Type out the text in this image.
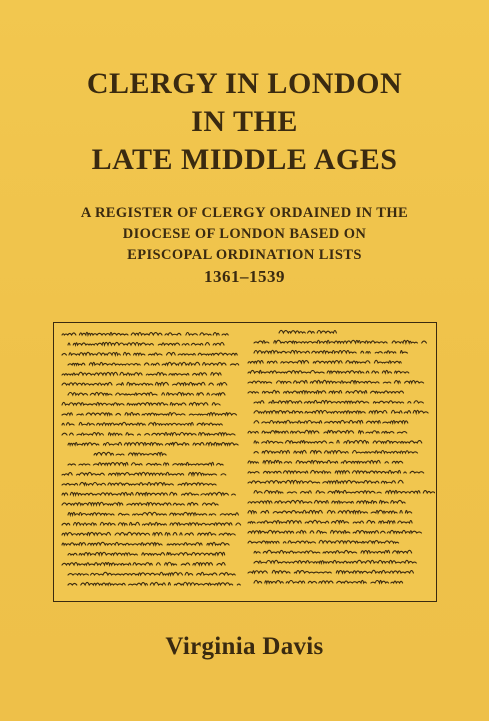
CLERGY IN LONDON
IN THE
LATE MIDDLE AGES
A REGISTER OF CLERGY ORDAINED IN THE
DIOCESE OF LONDON BASED ON
EPISCOPAL ORDINATION LISTS
1361–1539
Virginia Davis
